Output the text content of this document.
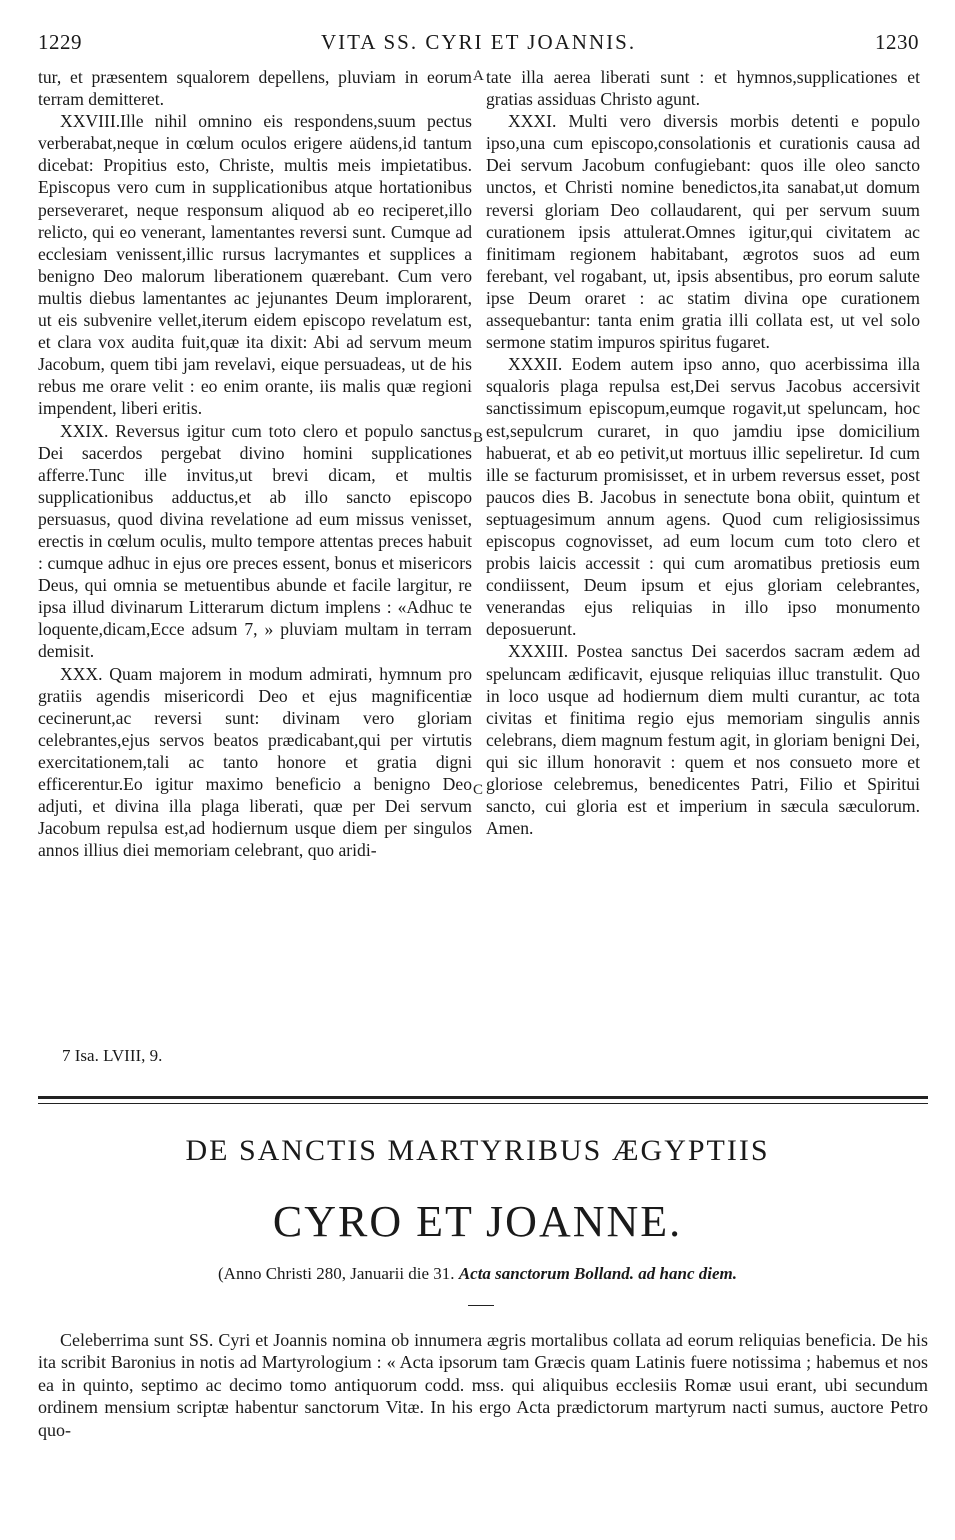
1229	VITA SS. CYRI ET JOANNIS.	1230

tur, et præsentem squalorem depellens, pluviam in eorum terram demitteret.

XXVIII.Ille nihil omnino eis respondens,suum pectus verberabat,neque in cœlum oculos erigere aüdens,id tantum dicebat: Propitius esto, Christe, multis meis impietatibus. Episcopus vero cum in supplicationibus atque hortationibus perseveraret, neque responsum aliquod ab eo reciperet,illo relicto, qui eo venerant, lamentantes reversi sunt. Cumque ad ecclesiam venissent,illic rursus lacrymantes et supplices a benigno Deo malorum liberationem quærebant. Cum vero multis diebus lamentantes ac jejunantes Deum implorarent, ut eis subvenire vellet,iterum eidem episcopo revelatum est, et clara vox audita fuit,quæ ita dixit: Abi ad servum meum Jacobum, quem tibi jam revelavi, eique persuadeas, ut de his rebus me orare velit : eo enim orante, iis malis quæ regioni impendent, liberi eritis.

XXIX. Reversus igitur cum toto clero et populo sanctus Dei sacerdos pergebat divino homini supplicationes afferre.Tunc ille invitus,ut brevi dicam, et multis supplicationibus adductus,et ab illo sancto episcopo persuasus, quod divina revelatione ad eum missus venisset, erectis in cœlum oculis, multo tempore attentas preces habuit : cumque adhuc in ejus ore preces essent, bonus et misericors Deus, qui omnia se metuentibus abunde et facile largitur, re ipsa illud divinarum Litterarum dictum implens : «Adhuc te loquente,dicam,Ecce adsum 7, » pluviam multam in terram demisit.

XXX. Quam majorem in modum admirati, hymnum pro gratiis agendis misericordi Deo et ejus magnificentiæ cecinerunt,ac reversi sunt: divinam vero gloriam celebrantes,ejus servos beatos prædicabant,qui per virtutis exercitationem,tali ac tanto honore et gratia digni efficerentur.Eo igitur maximo beneficio a benigno Deo adjuti, et divina illa plaga liberati, quæ per Dei servum Jacobum repulsa est,ad hodiernum usque diem per singulos annos illius diei memoriam celebrant, quo aridi-

A
B
C

tate illa aerea liberati sunt : et hymnos,supplicationes et gratias assiduas Christo agunt.

XXXI. Multi vero diversis morbis detenti e populo ipso,una cum episcopo,consolationis et curationis causa ad Dei servum Jacobum confugiebant: quos ille oleo sancto unctos, et Christi nomine benedictos,ita sanabat,ut domum reversi gloriam Deo collaudarent, qui per servum suum curationem ipsis attulerat.Omnes igitur,qui civitatem ac finitimam regionem habitabant, ægrotos suos ad eum ferebant, vel rogabant, ut, ipsis absentibus, pro eorum salute ipse Deum oraret : ac statim divina ope curationem assequebantur: tanta enim gratia illi collata est, ut vel solo sermone statim impuros spiritus fugaret.

XXXII. Eodem autem ipso anno, quo acerbissima illa squaloris plaga repulsa est,Dei servus Jacobus accersivit sanctissimum episcopum,eumque rogavit,ut speluncam, hoc est,sepulcrum curaret, in quo jamdiu ipse domicilium habuerat, et ab eo petivit,ut mortuus illic sepeliretur. Id cum ille se facturum promisisset, et in urbem reversus esset, post paucos dies B. Jacobus in senectute bona obiit, quintum et septuagesimum annum agens. Quod cum religiosissimus episcopus cognovisset, ad eum locum cum toto clero et probis laicis accessit : qui cum aromatibus pretiosis eum condiissent, Deum ipsum et ejus gloriam celebrantes, venerandas ejus reliquias in illo ipso monumento deposuerunt.

XXXIII. Postea sanctus Dei sacerdos sacram ædem ad speluncam ædificavit, ejusque reliquias illuc transtulit. Quo in loco usque ad hodiernum diem multi curantur, ac tota civitas et finitima regio ejus memoriam singulis annis celebrans, diem magnum festum agit, in gloriam benigni Dei, qui sic illum honoravit : quem et nos consueto more et gloriose celebremus, benedicentes Patri, Filio et Spiritui sancto, cui gloria est et imperium in sæcula sæculorum. Amen.

7 Isa. LVIII, 9.
DE SANCTIS MARTYRIBUS ÆGYPTIIS
CYRO ET JOANNE.
(Anno Christi 280, Januarii die 31. Acta sanctorum Bolland. ad hanc diem.

Celeberrima sunt SS. Cyri et Joannis nomina ob innumera ægris mortalibus collata ad eorum reliquias beneficia. De his ita scribit Baronius in notis ad Martyrologium : « Acta ipsorum tam Græcis quam Latinis fuere notissima ; habemus et nos ea in quinto, septimo ac decimo tomo antiquorum codd. mss. qui aliquibus ecclesiis Romæ usui erant, ubi secundum ordinem mensium scriptæ habentur sanctorum Vitæ. In his ergo Acta prædictorum martyrum nacti sumus, auctore Petro quo-
